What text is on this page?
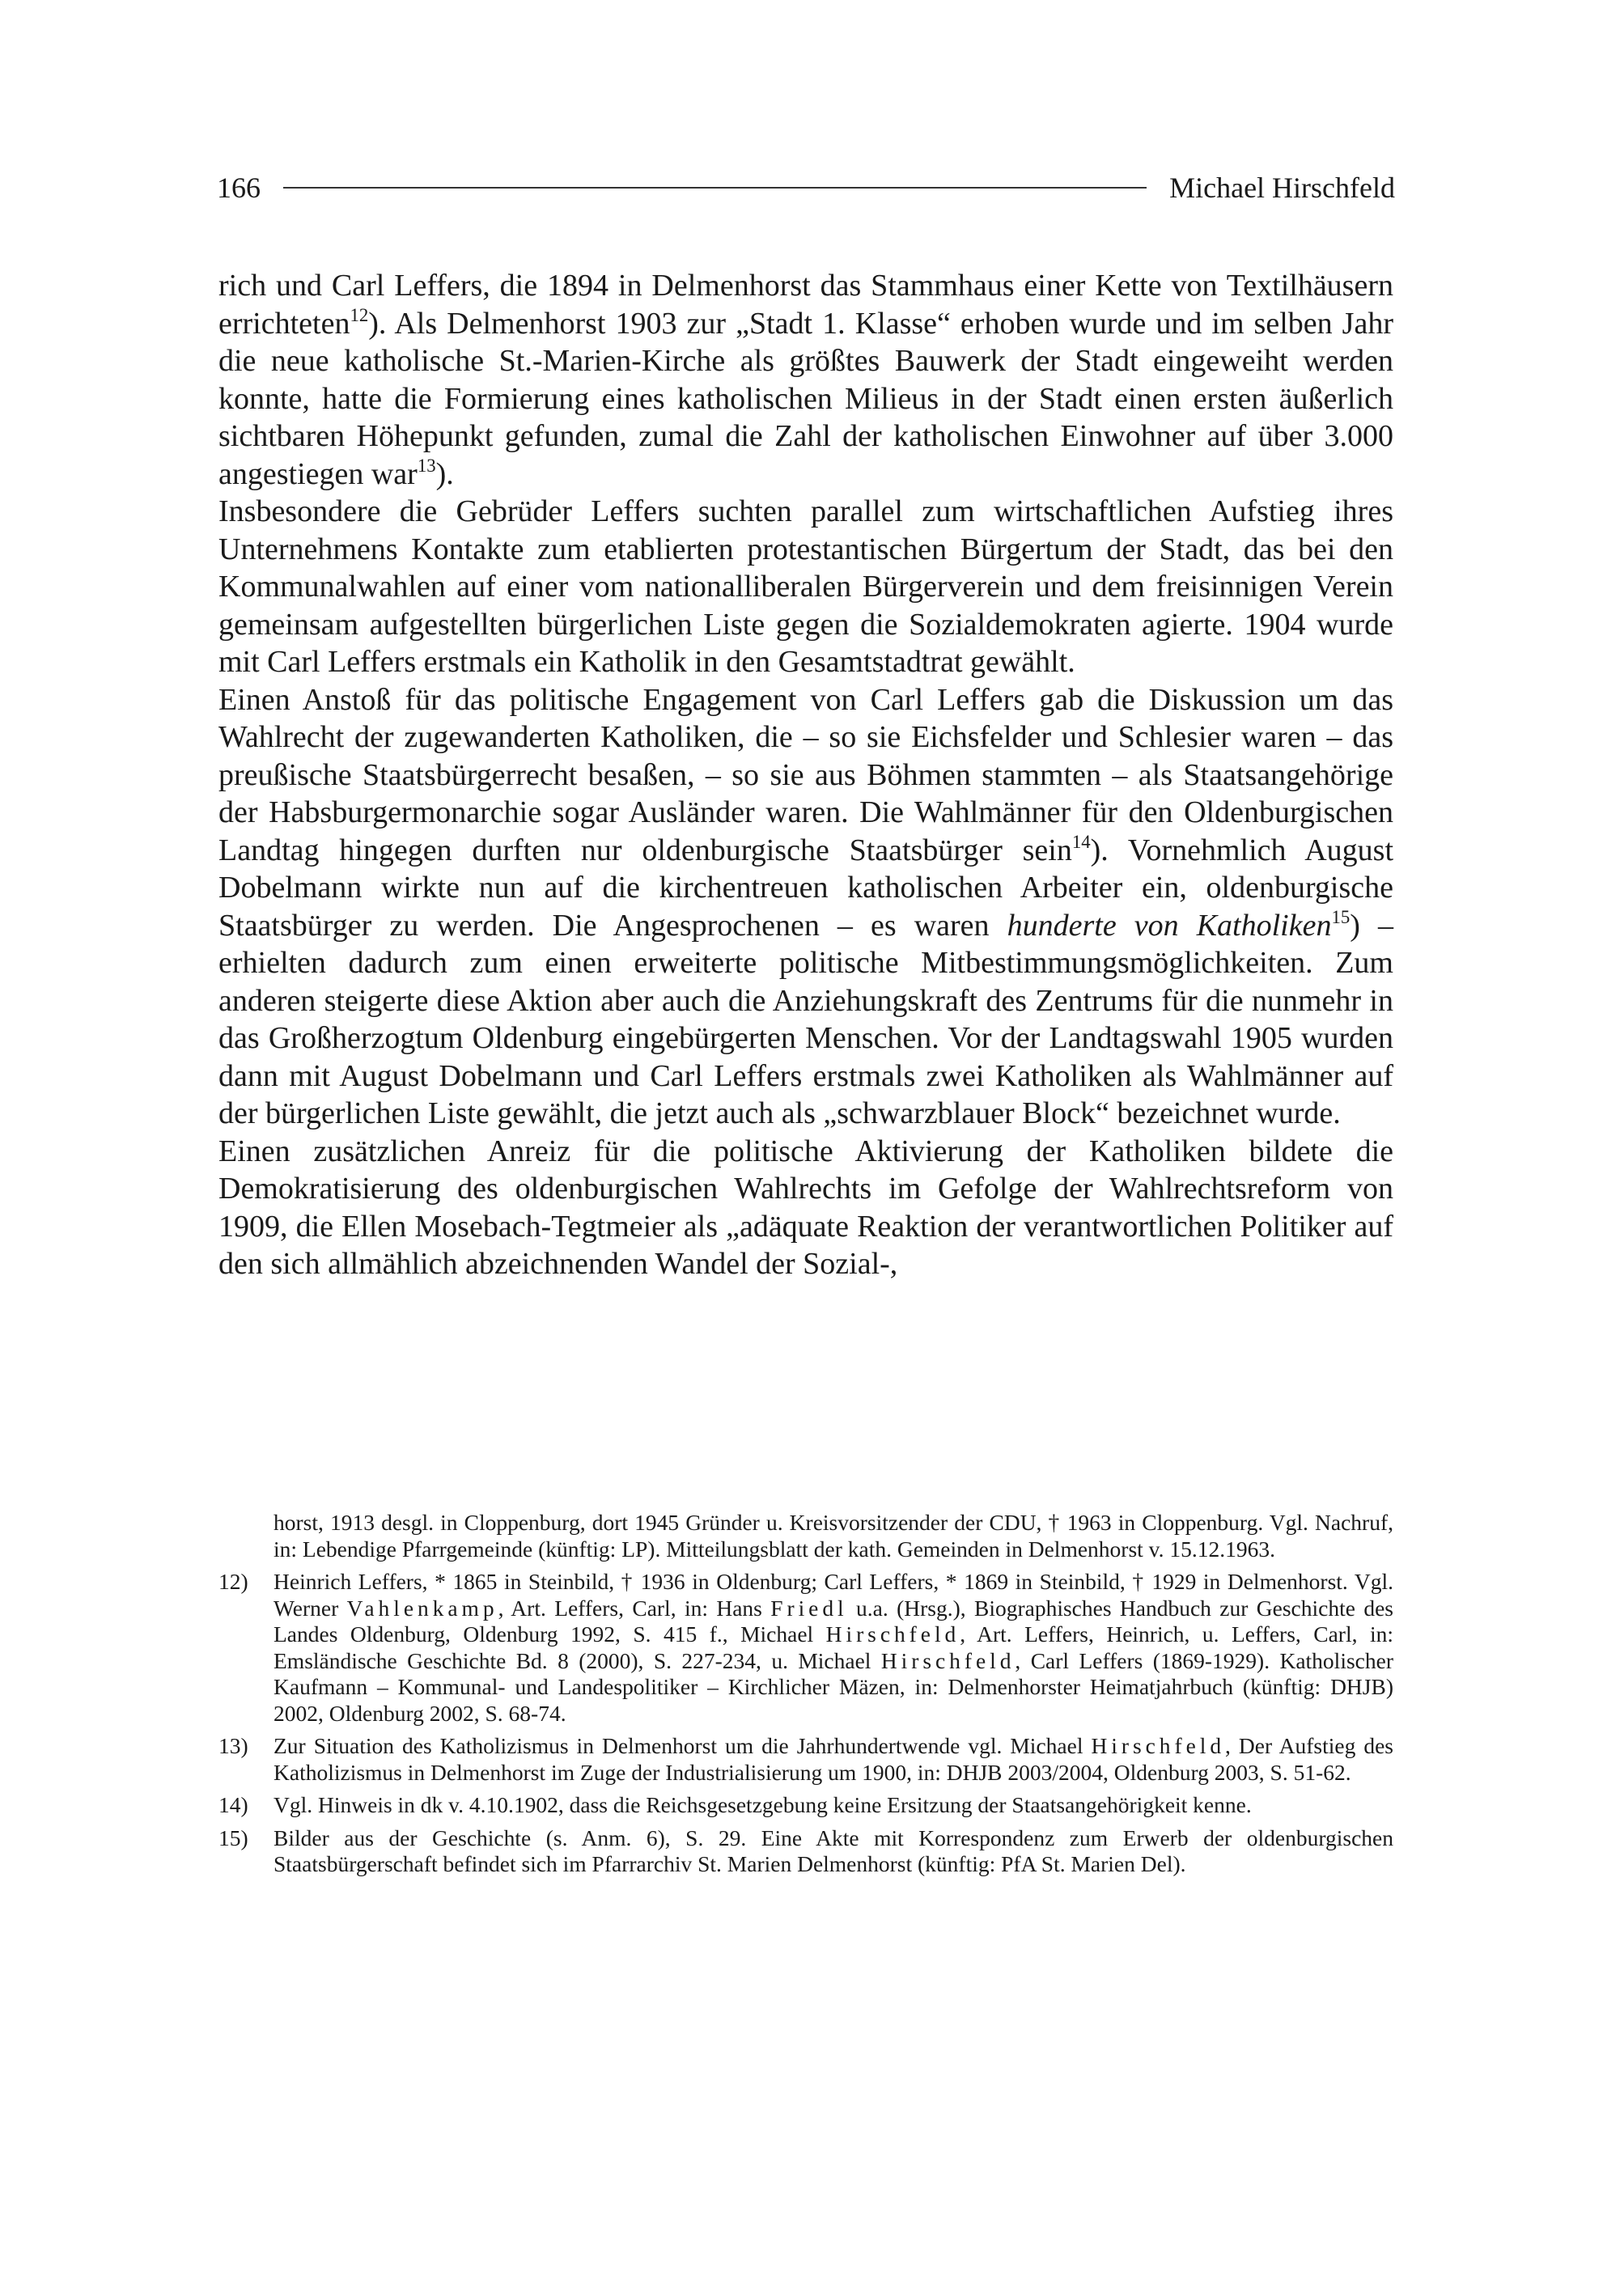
166	Michael Hirschfeld

rich und Carl Leffers, die 1894 in Delmenhorst das Stammhaus einer Kette von Textilhäusern errichteten$^{12}$). Als Delmenhorst 1903 zur „Stadt 1. Klasse“ erhoben wurde und im selben Jahr die neue katholische St.-Marien-Kirche als größtes Bauwerk der Stadt eingeweiht werden konnte, hatte die Formierung eines katholischen Milieus in der Stadt einen ersten äußerlich sichtbaren Höhepunkt gefunden, zumal die Zahl der katholischen Einwohner auf über 3.000 angestiegen war$^{13}$).

Insbesondere die Gebrüder Leffers suchten parallel zum wirtschaftlichen Aufstieg ihres Unternehmens Kontakte zum etablierten protestantischen Bürgertum der Stadt, das bei den Kommunalwahlen auf einer vom nationalliberalen Bürgerverein und dem freisinnigen Verein gemeinsam aufgestellten bürgerlichen Liste gegen die Sozialdemokraten agierte. 1904 wurde mit Carl Leffers erstmals ein Katholik in den Gesamtstadtrat gewählt.

Einen Anstoß für das politische Engagement von Carl Leffers gab die Diskussion um das Wahlrecht der zugewanderten Katholiken, die – so sie Eichsfelder und Schlesier waren – das preußische Staatsbürgerrecht besaßen, – so sie aus Böhmen stammten – als Staatsangehörige der Habsburgermonarchie sogar Ausländer waren. Die Wahlmänner für den Oldenburgischen Landtag hingegen durften nur oldenburgische Staatsbürger sein$^{14}$). Vornehmlich August Dobelmann wirkte nun auf die kirchentreuen katholischen Arbeiter ein, oldenburgische Staatsbürger zu werden. Die Angesprochenen – es waren hunderte von Katholiken$^{15}$) – erhielten dadurch zum einen erweiterte politische Mitbestimmungsmöglichkeiten. Zum anderen steigerte diese Aktion aber auch die Anziehungskraft des Zentrums für die nunmehr in das Großherzogtum Oldenburg eingebürgerten Menschen. Vor der Landtagswahl 1905 wurden dann mit August Dobelmann und Carl Leffers erstmals zwei Katholiken als Wahlmänner auf der bürgerlichen Liste gewählt, die jetzt auch als „schwarzblauer Block“ bezeichnet wurde.

Einen zusätzlichen Anreiz für die politische Aktivierung der Katholiken bildete die Demokratisierung des oldenburgischen Wahlrechts im Gefolge der Wahlrechtsreform von 1909, die Ellen Mosebach-Tegtmeier als „adäquate Reaktion der verantwortlichen Politiker auf den sich allmählich abzeichnenden Wandel der Sozial-,

horst, 1913 desgl. in Cloppenburg, dort 1945 Gründer u. Kreisvorsitzender der CDU, † 1963 in Cloppenburg. Vgl. Nachruf, in: Lebendige Pfarrgemeinde (künftig: LP). Mitteilungsblatt der kath. Gemeinden in Delmenhorst v. 15.12.1963.
12)	Heinrich Leffers, * 1865 in Steinbild, † 1936 in Oldenburg; Carl Leffers, * 1869 in Steinbild, † 1929 in Delmenhorst. Vgl. Werner Vahlenkamp, Art. Leffers, Carl, in: Hans Friedl u.a. (Hrsg.), Biographisches Handbuch zur Geschichte des Landes Oldenburg, Oldenburg 1992, S. 415 f., Michael Hirschfeld, Art. Leffers, Heinrich, u. Leffers, Carl, in: Emsländische Geschichte Bd. 8 (2000), S. 227-234, u. Michael Hirschfeld, Carl Leffers (1869-1929). Katholischer Kaufmann – Kommunal- und Landespolitiker – Kirchlicher Mäzen, in: Delmenhorster Heimatjahrbuch (künftig: DHJB) 2002, Oldenburg 2002, S. 68-74.
13)	Zur Situation des Katholizismus in Delmenhorst um die Jahrhundertwende vgl. Michael Hirschfeld, Der Aufstieg des Katholizismus in Delmenhorst im Zuge der Industrialisierung um 1900, in: DHJB 2003/2004, Oldenburg 2003, S. 51-62.
14)	Vgl. Hinweis in dk v. 4.10.1902, dass die Reichsgesetzgebung keine Ersitzung der Staatsangehörigkeit kenne.
15)	Bilder aus der Geschichte (s. Anm. 6), S. 29. Eine Akte mit Korrespondenz zum Erwerb der oldenburgischen Staatsbürgerschaft befindet sich im Pfarrarchiv St. Marien Delmenhorst (künftig: PfA St. Marien Del).
